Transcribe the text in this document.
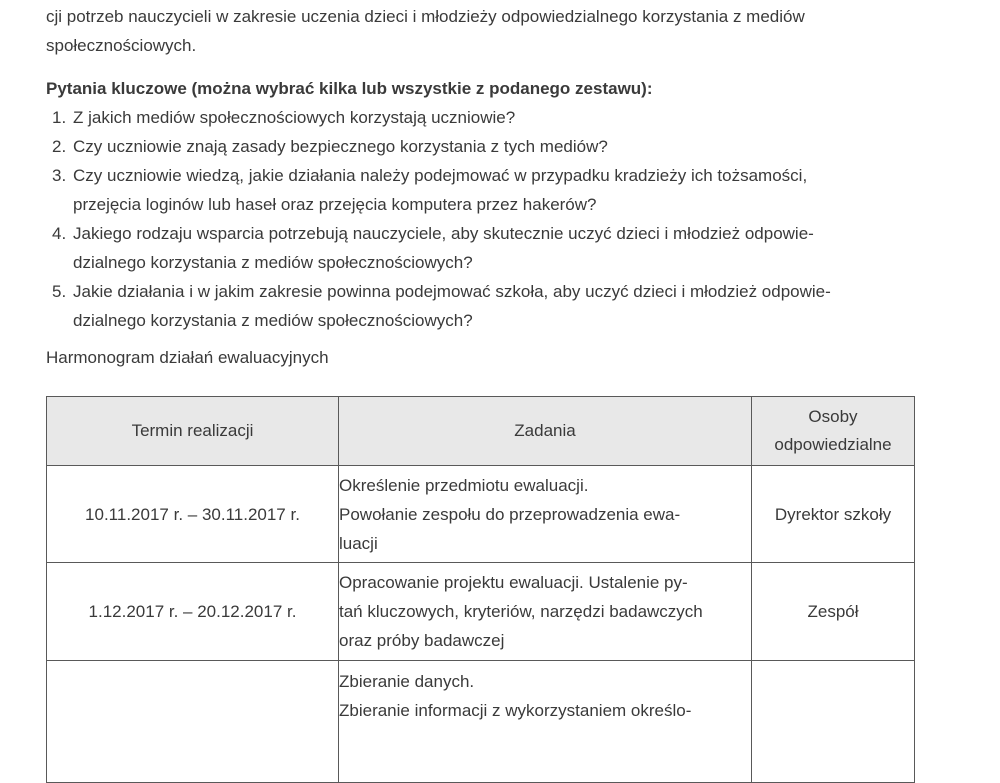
cji potrzeb nauczycieli w zakresie uczenia dzieci i młodzieży odpowiedzialnego korzystania z mediów
społecznościowych.
Pytania kluczowe (można wybrać kilka lub wszystkie z podanego zestawu):
1. Z jakich mediów społecznościowych korzystają uczniowie?
2. Czy uczniowie znają zasady bezpiecznego korzystania z tych mediów?
3. Czy uczniowie wiedzą, jakie działania należy podejmować w przypadku kradzieży ich tożsamości,
przejęcia loginów lub haseł oraz przejęcia komputera przez hakerów?
4. Jakiego rodzaju wsparcia potrzebują nauczyciele, aby skutecznie uczyć dzieci i młodzież odpowie-
dzialnego korzystania z mediów społecznościowych?
5. Jakie działania i w jakim zakresie powinna podejmować szkoła, aby uczyć dzieci i młodzież odpowie-
dzialnego korzystania z mediów społecznościowych?
Harmonogram działań ewaluacyjnych
Termin realizacji	Zadania	Osoby odpowiedzialne
10.11.2017 r. – 30.11.2017 r.	Określenie przedmiotu ewaluacji.
Powołanie zespołu do przeprowadzenia ewa-
luacji	Dyrektor szkoły
1.12.2017 r. – 20.12.2017 r.	Opracowanie projektu ewaluacji. Ustalenie py-
tań kluczowych, kryteriów, narzędzi badawczych
oraz próby badawczej	Zespół

	Zbieranie danych.
Zbieranie informacji z wykorzystaniem określo-	
